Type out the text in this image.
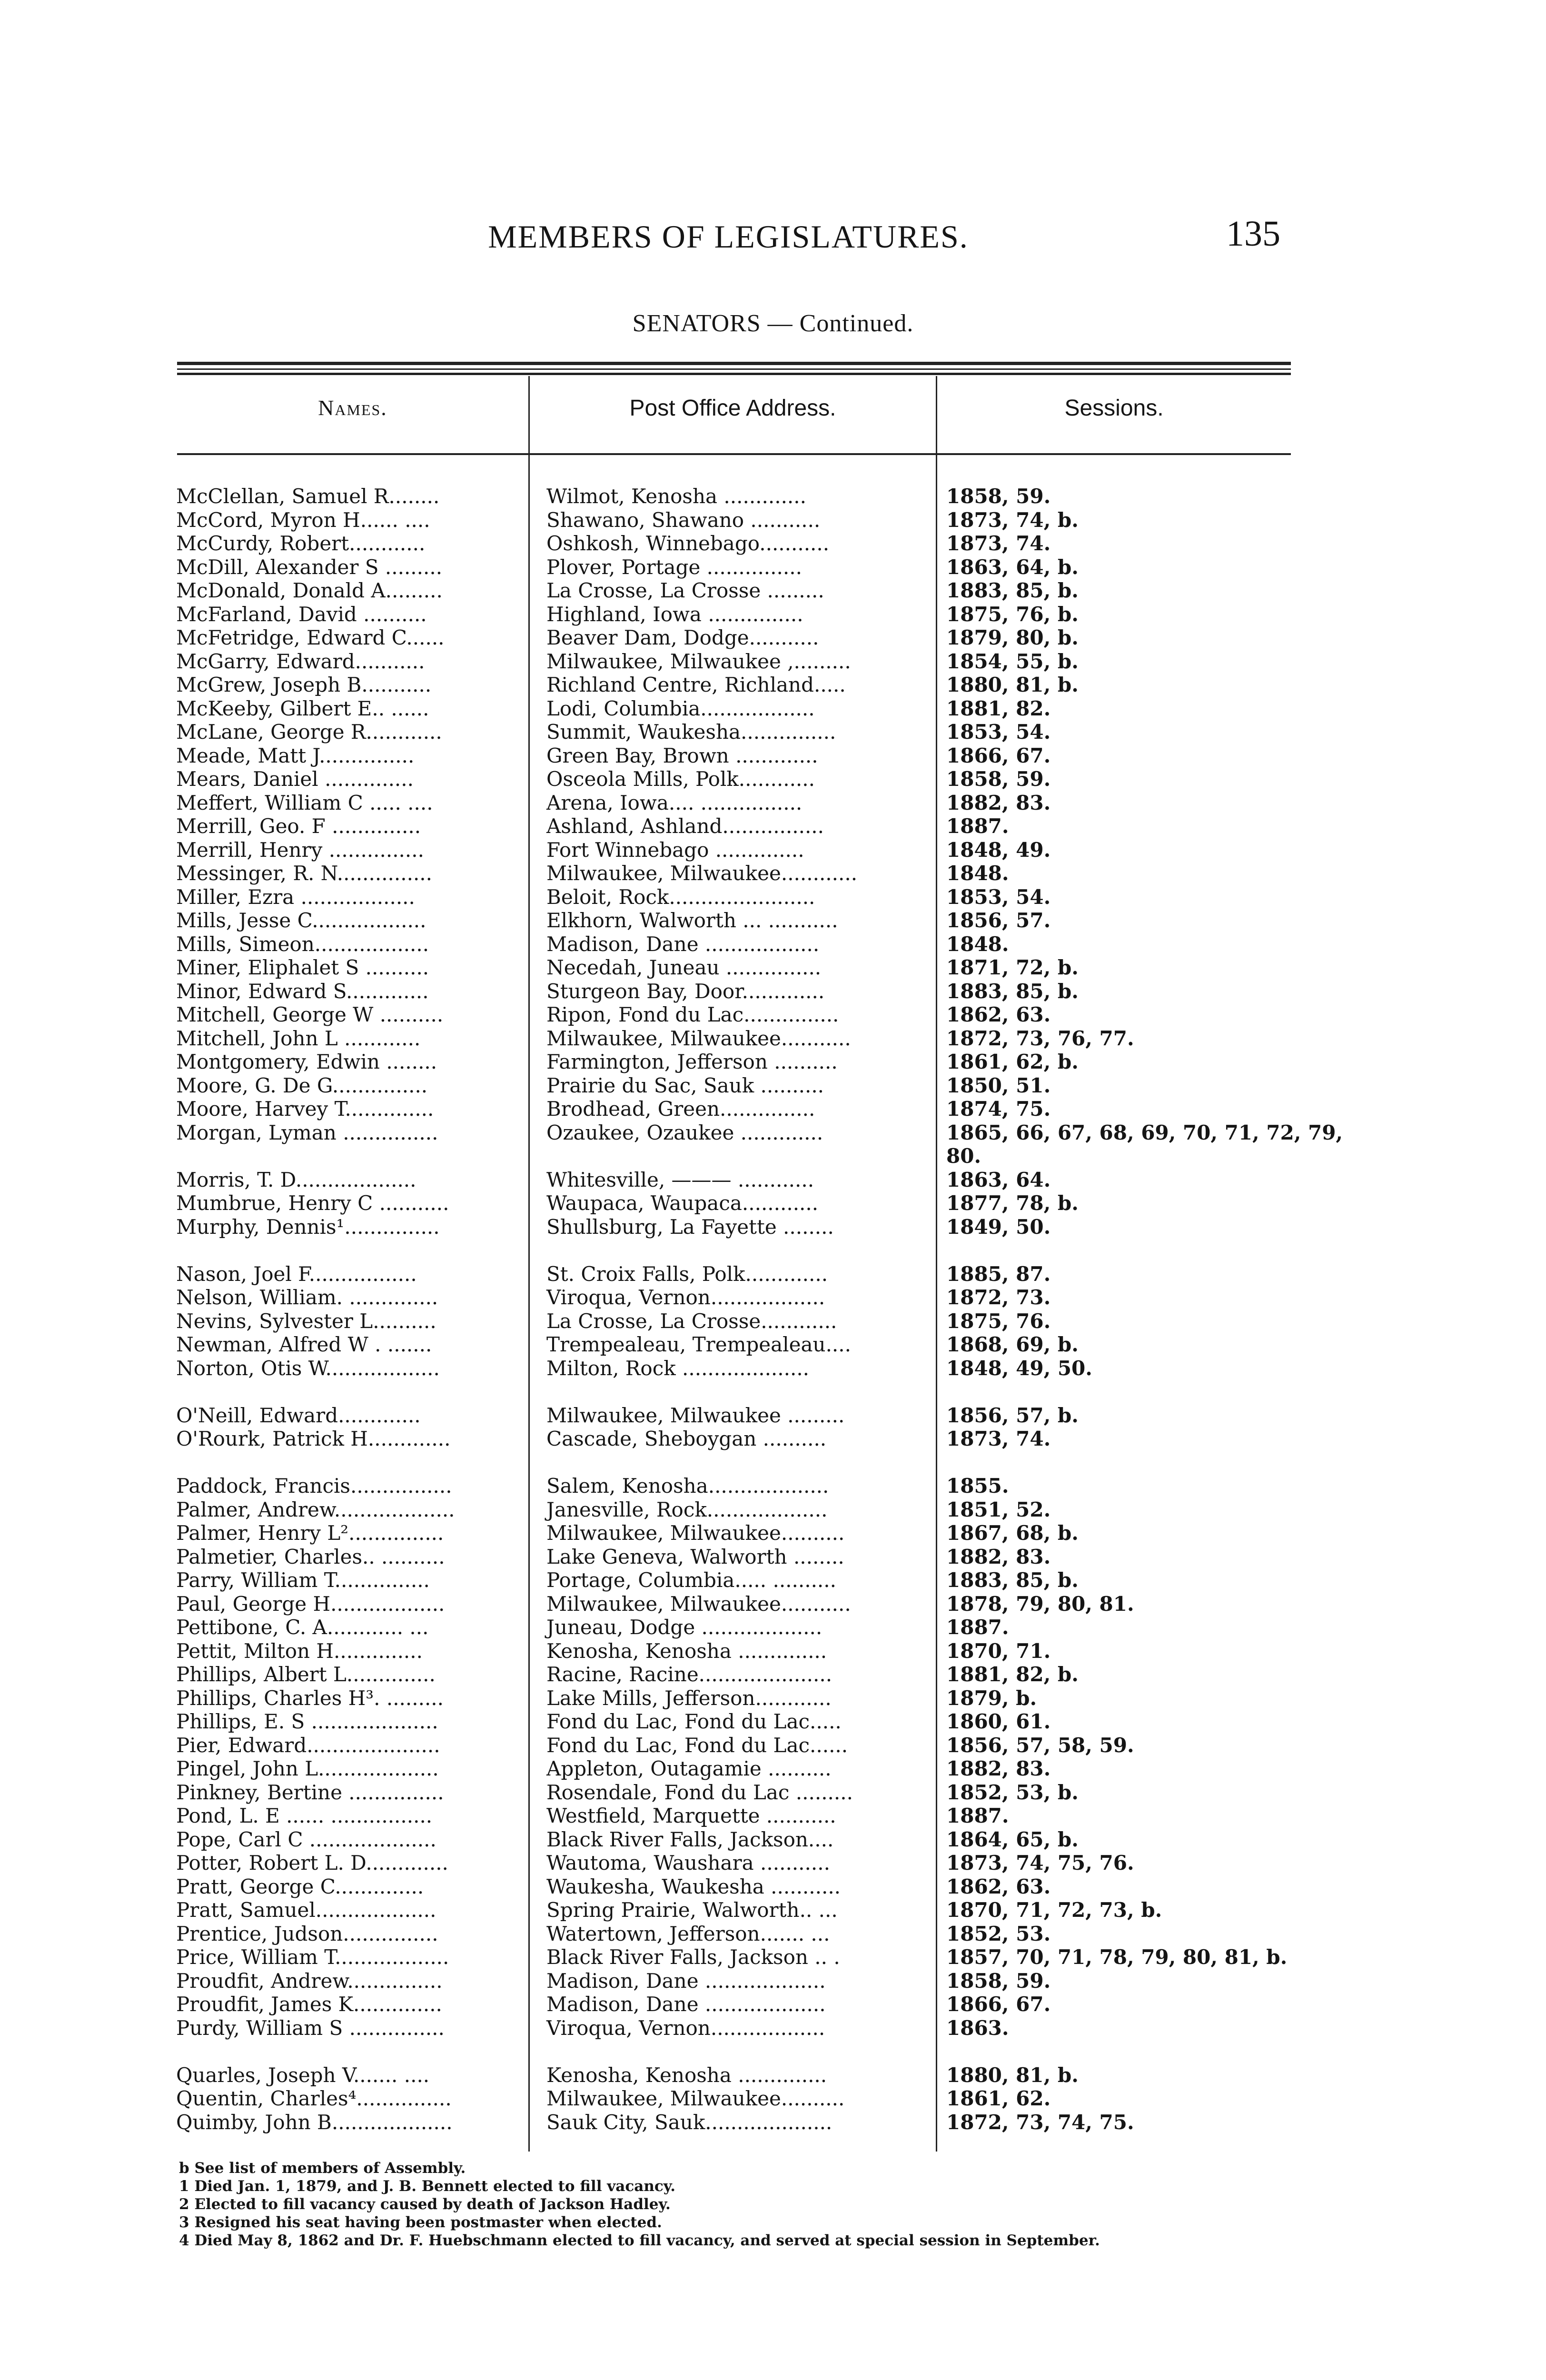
MEMBERS OF LEGISLATURES.	135
SENATORS — Continued.
Names.	Post Office Address.	Sessions.
McClellan, Samuel R........	Wilmot, Kenosha .............	1858, 59.
McCord, Myron H...... ....	Shawano, Shawano ...........	1873, 74, b.
McCurdy, Robert............	Oshkosh, Winnebago...........	1873, 74.
McDill, Alexander S .........	Plover, Portage ...............	1863, 64, b.
McDonald, Donald A.........	La Crosse, La Crosse .........	1883, 85, b.
McFarland, David ..........	Highland, Iowa ...............	1875, 76, b.
McFetridge, Edward C......	Beaver Dam, Dodge...........	1879, 80, b.
McGarry, Edward...........	Milwaukee, Milwaukee ,.........	1854, 55, b.
McGrew, Joseph B...........	Richland Centre, Richland.....	1880, 81, b.
McKeeby, Gilbert E.. ......	Lodi, Columbia..................	1881, 82.
McLane, George R............	Summit, Waukesha...............	1853, 54.
Meade, Matt J...............	Green Bay, Brown .............	1866, 67.
Mears, Daniel ..............	Osceola Mills, Polk............	1858, 59.
Meffert, William C ..... ....	Arena, Iowa.... ................	1882, 83.
Merrill, Geo. F ..............	Ashland, Ashland................	1887.
Merrill, Henry ...............	Fort Winnebago ..............	1848, 49.
Messinger, R. N...............	Milwaukee, Milwaukee............	1848.
Miller, Ezra ..................	Beloit, Rock.......................	1853, 54.
Mills, Jesse C..................	Elkhorn, Walworth ... ...........	1856, 57.
Mills, Simeon..................	Madison, Dane ..................	1848.
Miner, Eliphalet S ..........	Necedah, Juneau ...............	1871, 72, b.
Minor, Edward S.............	Sturgeon Bay, Door.............	1883, 85, b.
Mitchell, George W ..........	Ripon, Fond du Lac...............	1862, 63.
Mitchell, John L ............	Milwaukee, Milwaukee...........	1872, 73, 76, 77.
Montgomery, Edwin ........	Farmington, Jefferson ..........	1861, 62, b.
Moore, G. De G...............	Prairie du Sac, Sauk ..........	1850, 51.
Moore, Harvey T..............	Brodhead, Green...............	1874, 75.
Morgan, Lyman ...............	Ozaukee, Ozaukee .............	1865, 66, 67, 68, 69, 70, 71, 72, 79,
80.
Morris, T. D...................	Whitesville, ——— ............	1863, 64.
Mumbrue, Henry C ...........	Waupaca, Waupaca............	1877, 78, b.
Murphy, Dennis¹...............	Shullsburg, La Fayette ........	1849, 50.
Nason, Joel F.................	St. Croix Falls, Polk.............	1885, 87.
Nelson, William. ..............	Viroqua, Vernon..................	1872, 73.
Nevins, Sylvester L..........	La Crosse, La Crosse............	1875, 76.
Newman, Alfred W . .......	Trempealeau, Trempealeau....	1868, 69, b.
Norton, Otis W..................	Milton, Rock ....................	1848, 49, 50.
O'Neill, Edward.............	Milwaukee, Milwaukee .........	1856, 57, b.
O'Rourk, Patrick H.............	Cascade, Sheboygan ..........	1873, 74.
Paddock, Francis................	Salem, Kenosha...................	1855.
Palmer, Andrew...................	Janesville, Rock...................	1851, 52.
Palmer, Henry L²...............	Milwaukee, Milwaukee..........	1867, 68, b.
Palmetier, Charles.. ..........	Lake Geneva, Walworth ........	1882, 83.
Parry, William T...............	Portage, Columbia..... ..........	1883, 85, b.
Paul, George H..................	Milwaukee, Milwaukee...........	1878, 79, 80, 81.
Pettibone, C. A............ ...	Juneau, Dodge ...................	1887.
Pettit, Milton H..............	Kenosha, Kenosha ..............	1870, 71.
Phillips, Albert L..............	Racine, Racine.....................	1881, 82, b.
Phillips, Charles H³. .........	Lake Mills, Jefferson............	1879, b.
Phillips, E. S ....................	Fond du Lac, Fond du Lac.....	1860, 61.
Pier, Edward.....................	Fond du Lac, Fond du Lac......	1856, 57, 58, 59.
Pingel, John L...................	Appleton, Outagamie ..........	1882, 83.
Pinkney, Bertine ...............	Rosendale, Fond du Lac .........	1852, 53, b.
Pond, L. E ...... ................	Westfield, Marquette ...........	1887.
Pope, Carl C ....................	Black River Falls, Jackson....	1864, 65, b.
Potter, Robert L. D.............	Wautoma, Waushara ...........	1873, 74, 75, 76.
Pratt, George C..............	Waukesha, Waukesha ...........	1862, 63.
Pratt, Samuel...................	Spring Prairie, Walworth.. ...	1870, 71, 72, 73, b.
Prentice, Judson...............	Watertown, Jefferson....... ...	1852, 53.
Price, William T..................	Black River Falls, Jackson .. .	1857, 70, 71, 78, 79, 80, 81, b.
Proudfit, Andrew...............	Madison, Dane ...................	1858, 59.
Proudfit, James K..............	Madison, Dane ...................	1866, 67.
Purdy, William S ...............	Viroqua, Vernon..................	1863.
Quarles, Joseph V....... ....	Kenosha, Kenosha ..............	1880, 81, b.
Quentin, Charles⁴...............	Milwaukee, Milwaukee..........	1861, 62.
Quimby, John B...................	Sauk City, Sauk....................	1872, 73, 74, 75.
b See list of members of Assembly.
1 Died Jan. 1, 1879, and J. B. Bennett elected to fill vacancy.
2 Elected to fill vacancy caused by death of Jackson Hadley.
3 Resigned his seat having been postmaster when elected.
4 Died May 8, 1862 and Dr. F. Huebschmann elected to fill vacancy, and served at special session in September.
